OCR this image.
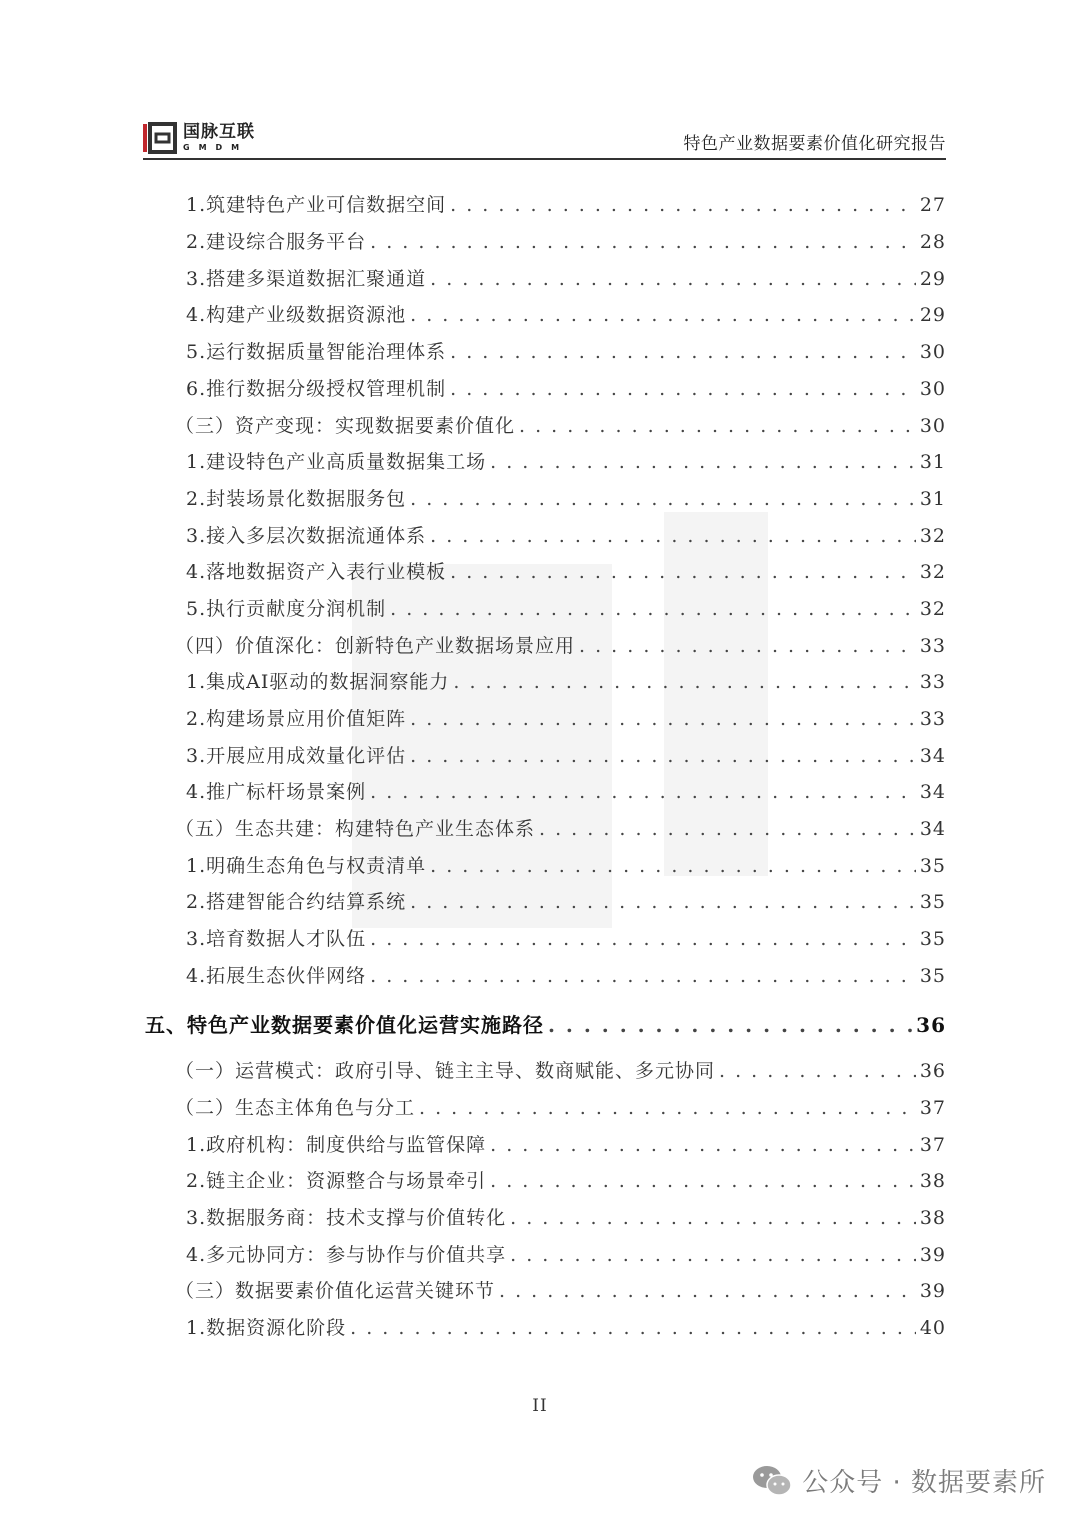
国脉互联
GMDM	特色产业数据要素价值化研究报告
1.筑建特色产业可信数据空间 . . .	27
2.建设综合服务平台 . . .	28
3.搭建多渠道数据汇聚通道 . . .	29
4.构建产业级数据资源池 . . .	29
5.运行数据质量智能治理体系 . . .	30
6.推行数据分级授权管理机制 . . .	30
（三）资产变现：实现数据要素价值化 . . .	30
1.建设特色产业高质量数据集工场 . . .	31
2.封装场景化数据服务包 . . .	31
3.接入多层次数据流通体系 . . .	32
4.落地数据资产入表行业模板 . . .	32
5.执行贡献度分润机制 . . .	32
（四）价值深化：创新特色产业数据场景应用 . . .	33
1.集成AI驱动的数据洞察能力 . . .	33
2.构建场景应用价值矩阵 . . .	33
3.开展应用成效量化评估 . . .	34
4.推广标杆场景案例 . . .	34
（五）生态共建：构建特色产业生态体系 . . .	34
1.明确生态角色与权责清单 . . .	35
2.搭建智能合约结算系统 . . .	35
3.培育数据人才队伍 . . .	35
4.拓展生态伙伴网络 . . .	35
五、特色产业数据要素价值化运营实施路径 . . .	36
（一）运营模式：政府引导、链主主导、数商赋能、多元协同 . . .	36
（二）生态主体角色与分工 . . .	37
1.政府机构：制度供给与监管保障 . . .	37
2.链主企业：资源整合与场景牵引 . . .	38
3.数据服务商：技术支撑与价值转化 . . .	38
4.多元协同方：参与协作与价值共享 . . .	39
（三）数据要素价值化运营关键环节 . . .	39
1.数据资源化阶段 . . .	40
II
公众号 · 数据要素所
